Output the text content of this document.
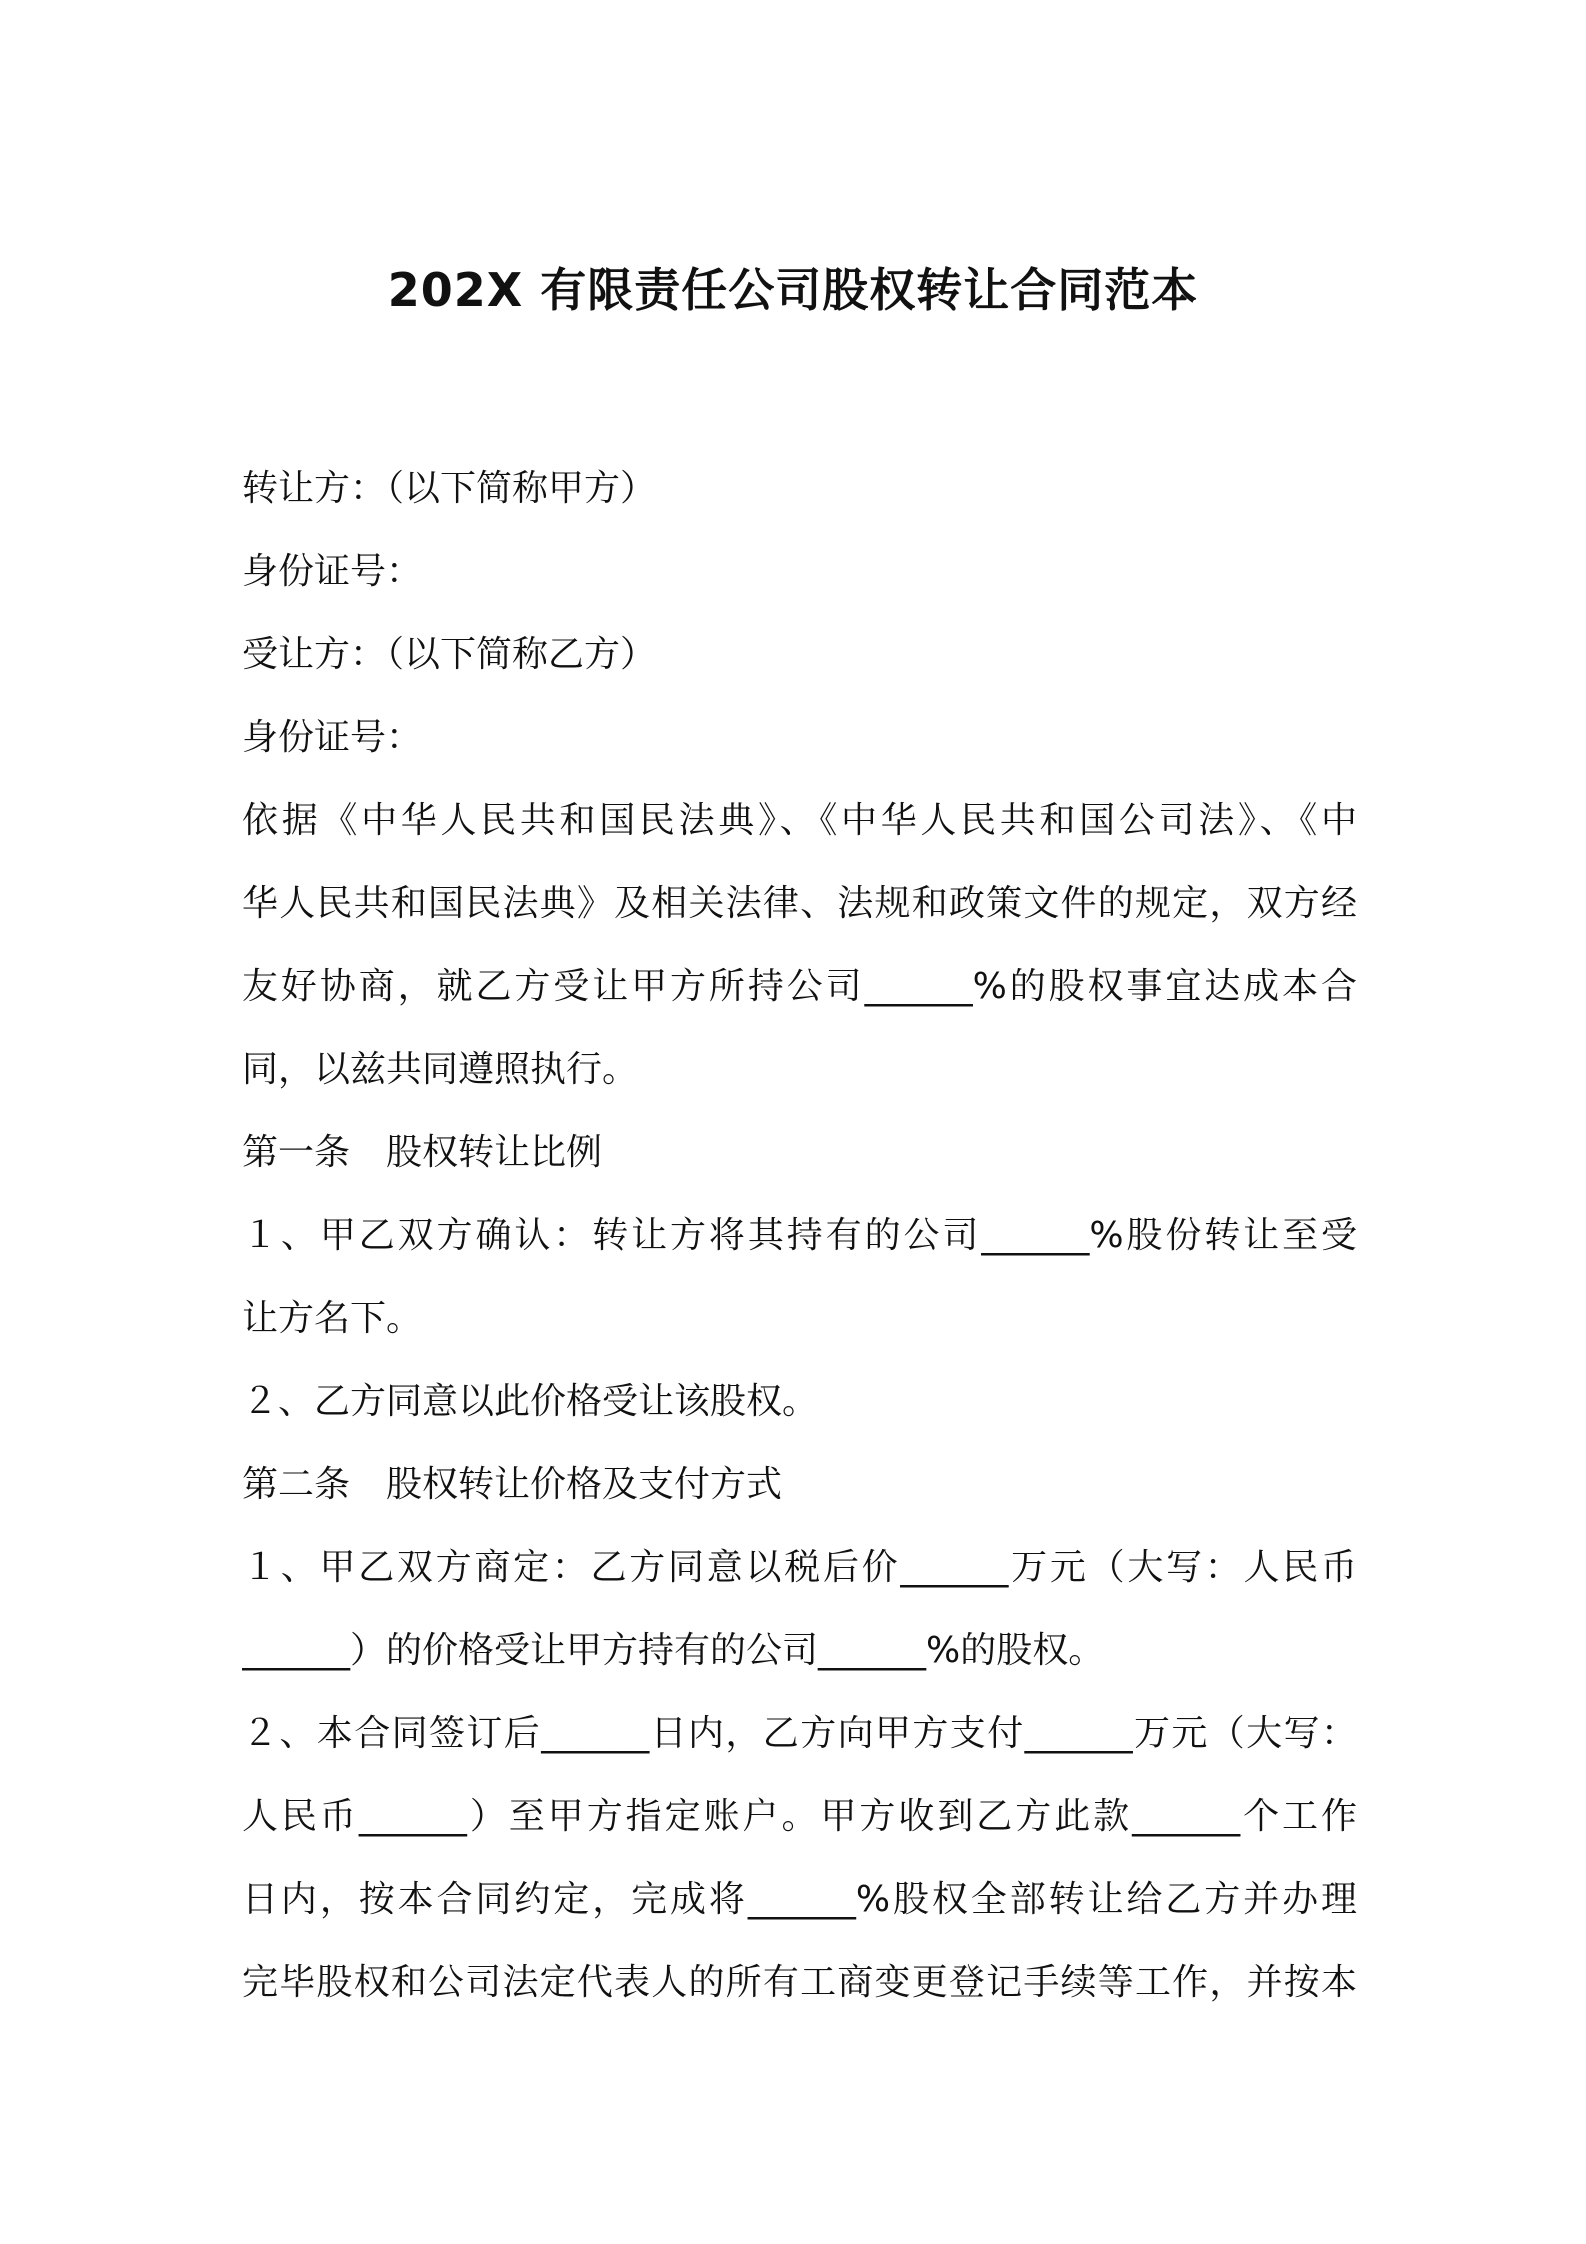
202X 有限责任公司股权转让合同范本
转让方：（以下简称甲方）
身份证号：
受让方：（以下简称乙方）
身份证号：
依据《中华人民共和国民法典》、《中华人民共和国公司法》、《中
华人民共和国民法典》及相关法律、法规和政策文件的规定，双方经
友好协商，就乙方受让甲方所持公司______%的股权事宜达成本合
同，以兹共同遵照执行。
第一条　股权转让比例
１、甲乙双方确认：转让方将其持有的公司______%股份转让至受
让方名下。
２、乙方同意以此价格受让该股权。
第二条　股权转让价格及支付方式
１、甲乙双方商定：乙方同意以税后价______万元（大写：人民币
______）的价格受让甲方持有的公司______%的股权。
２、本合同签订后______日内，乙方向甲方支付______万元（大写：
人民币______）至甲方指定账户。甲方收到乙方此款______个工作
日内，按本合同约定，完成将______%股权全部转让给乙方并办理
完毕股权和公司法定代表人的所有工商变更登记手续等工作，并按本
